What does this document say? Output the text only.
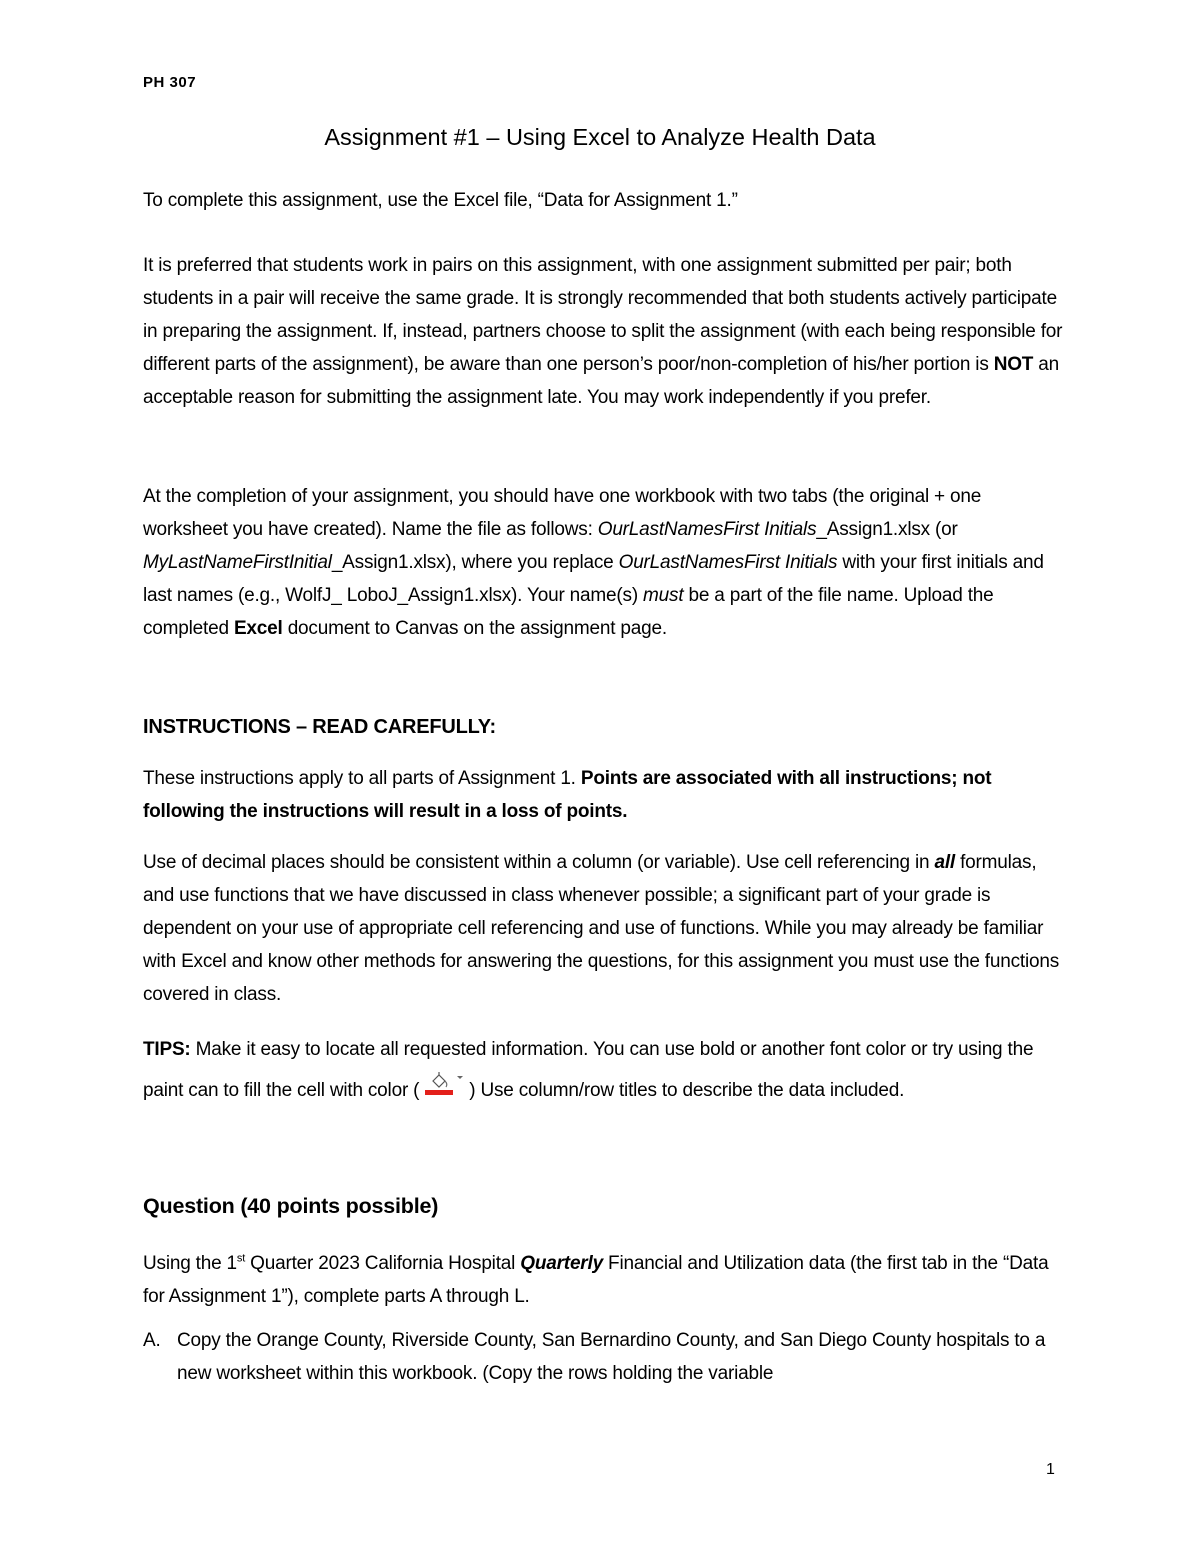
PH 307
Assignment #1 – Using Excel to Analyze Health Data

To complete this assignment, use the Excel file, “Data for Assignment 1.”

It is preferred that students work in pairs on this assignment, with one assignment submitted per pair; both students in a pair will receive the same grade. It is strongly recommended that both students actively participate in preparing the assignment. If, instead, partners choose to split the assignment (with each being responsible for different parts of the assignment), be aware than one person’s poor/non-completion of his/her portion is NOT an acceptable reason for submitting the assignment late. You may work independently if you prefer.

At the completion of your assignment, you should have one workbook with two tabs (the original + one worksheet you have created). Name the file as follows: OurLastNamesFirst Initials_Assign1.xlsx (or MyLastNameFirstInitial_Assign1.xlsx), where you replace OurLastNamesFirst Initials with your first initials and last names (e.g., WolfJ_ LoboJ_Assign1.xlsx). Your name(s) must be a part of the file name. Upload the completed Excel document to Canvas on the assignment page.

INSTRUCTIONS – READ CAREFULLY:

These instructions apply to all parts of Assignment 1. Points are associated with all instructions; not following the instructions will result in a loss of points.

Use of decimal places should be consistent within a column (or variable). Use cell referencing in all formulas, and use functions that we have discussed in class whenever possible; a significant part of your grade is dependent on your use of appropriate cell referencing and use of functions. While you may already be familiar with Excel and know other methods for answering the questions, for this assignment you must use the functions covered in class.

TIPS: Make it easy to locate all requested information. You can use bold or another font color or try using the paint can to fill the cell with color (	) Use column/row titles to describe the data included.

Question (40 points possible)

Using the 1st Quarter 2023 California Hospital Quarterly Financial and Utilization data (the first tab in the “Data for Assignment 1”), complete parts A through L.

A. Copy the Orange County, Riverside County, San Bernardino County, and San Diego County hospitals to a new worksheet within this workbook. (Copy the rows holding the variable
1
